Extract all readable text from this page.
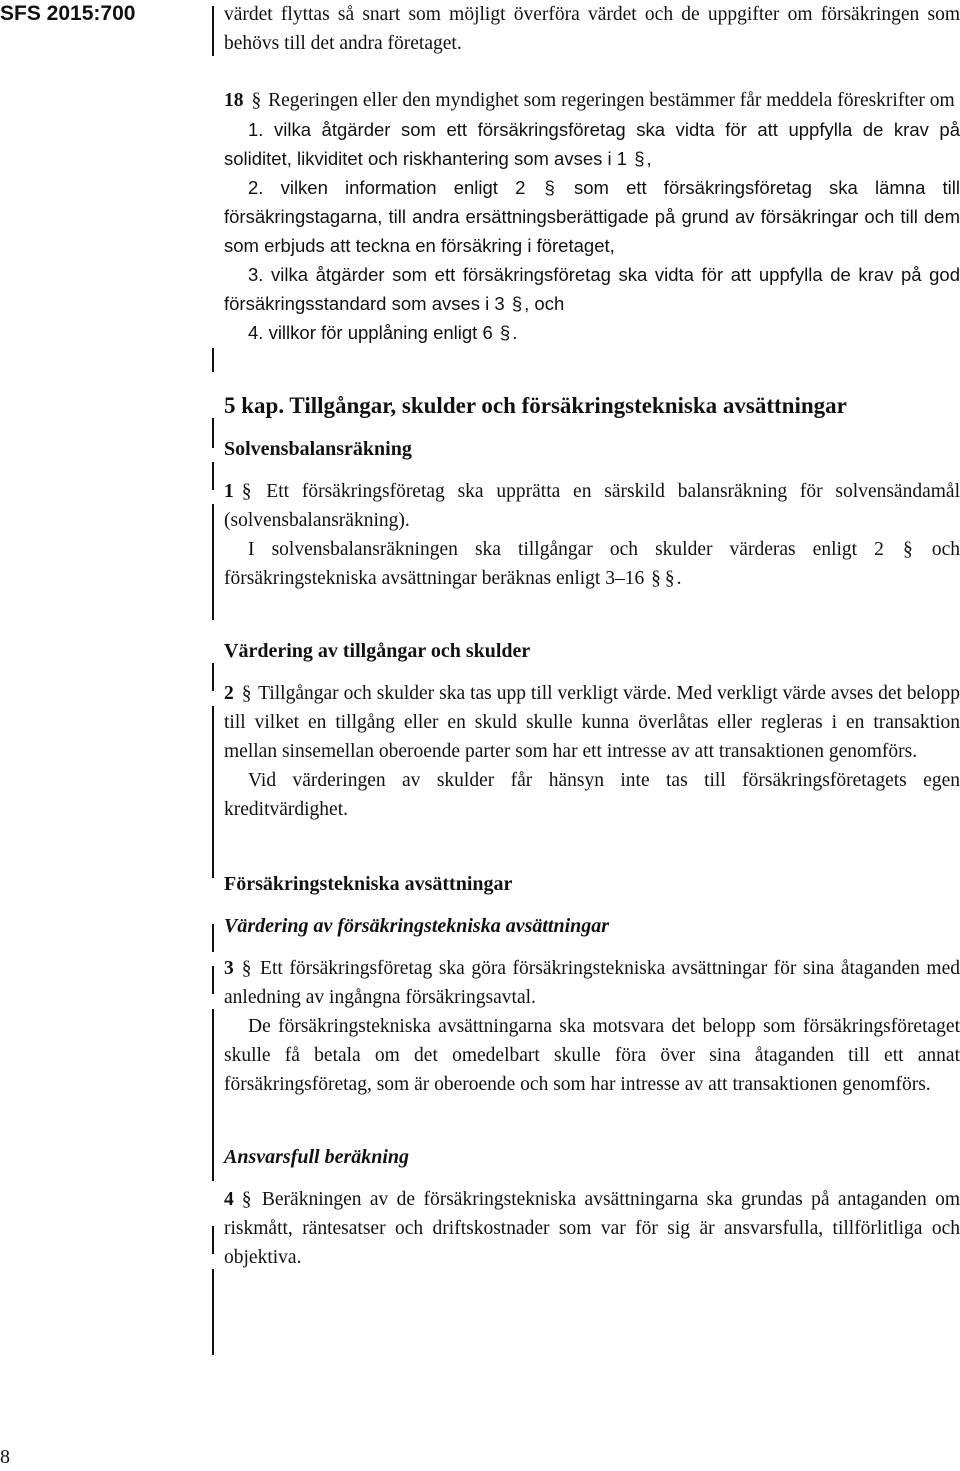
SFS 2015:700	värdet flyttas så snart som möjligt överföra värdet och de uppgifter om försäkringen som behövs till det andra företaget.

18 § Regeringen eller den myndighet som regeringen bestämmer får meddela föreskrifter om

1. vilka åtgärder som ett försäkringsföretag ska vidta för att uppfylla de krav på soliditet, likviditet och riskhantering som avses i 1 § ,

2. vilken information enligt 2 §	som ett försäkringsföretag ska lämna till försäkringstagarna, till andra ersättningsberättigade på grund av försäkringar och till dem som erbjuds att teckna en försäkring i företaget,

3. vilka åtgärder som ett försäkringsföretag ska vidta för att uppfylla de krav på god försäkringsstandard som avses i 3 § , och

4. villkor för upplåning enligt 6 § .

5 kap. Tillgångar, skulder och försäkringstekniska avsättningar
Solvensbalansräkning

1 § Ett försäkringsföretag ska upprätta en särskild balansräkning för solvensändamål (solvensbalansräkning).

I solvensbalansräkningen ska tillgångar och skulder värderas enligt 2 § och försäkringstekniska avsättningar beräknas enligt 3–16 § § .

Värdering av tillgångar och skulder

2 § Tillgångar och skulder ska tas upp till verkligt värde. Med verkligt värde avses det belopp till vilket en tillgång eller en skuld skulle kunna överlåtas eller regleras i en transaktion mellan sinsemellan oberoende parter som har ett intresse av att transaktionen genomförs.

Vid värderingen av skulder får hänsyn inte tas till försäkringsföretagets egen kreditvärdighet.

Försäkringstekniska avsättningar
Värdering av försäkringstekniska avsättningar

3 § Ett försäkringsföretag ska göra försäkringstekniska avsättningar för sina åtaganden med anledning av ingångna försäkringsavtal.

De försäkringstekniska avsättningarna ska motsvara det belopp som försäkringsföretaget skulle få betala om det omedelbart skulle föra över sina åtaganden till ett annat försäkringsföretag, som är oberoende och som har intresse av att transaktionen genomförs.

Ansvarsfull beräkning

4 § Beräkningen av de försäkringstekniska avsättningarna ska grundas på antaganden om riskmått, räntesatser och driftskostnader som var för sig är ansvarsfulla, tillförlitliga och objektiva.

8
